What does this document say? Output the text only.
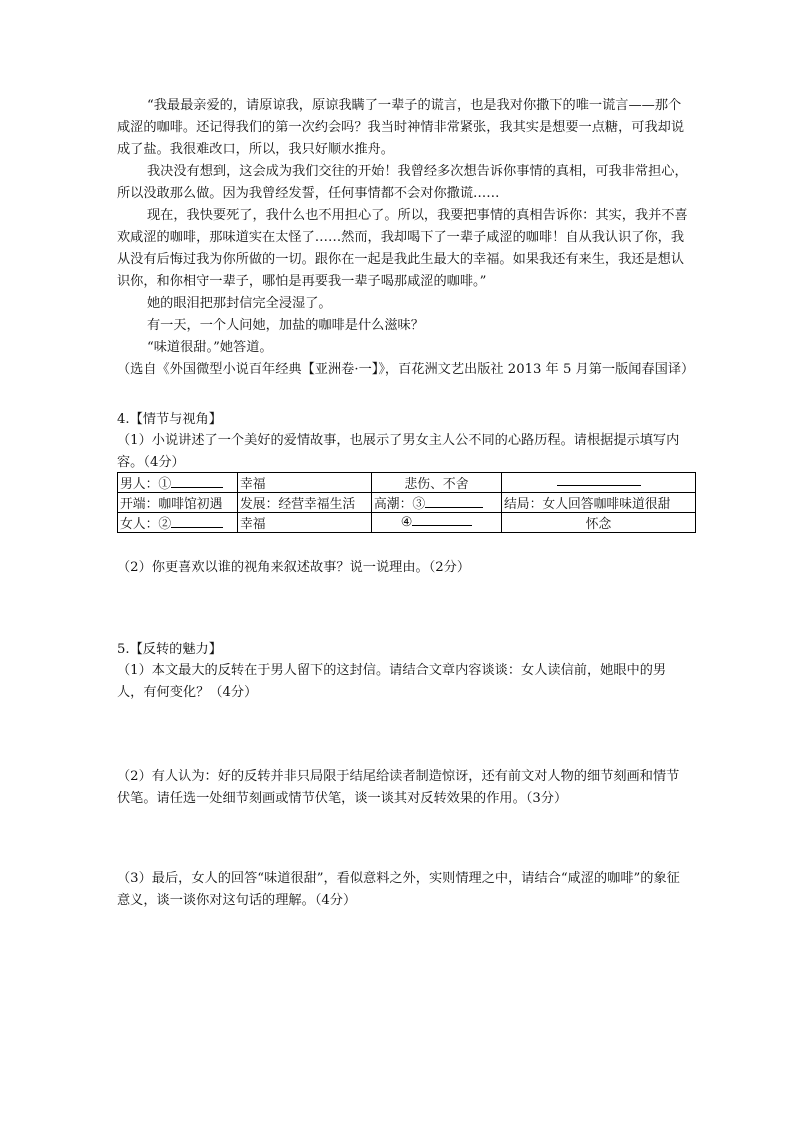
“我最最亲爱的，请原谅我，原谅我瞒了一辈子的谎言，也是我对你撒下的唯一谎言——那个咸涩的咖啡。还记得我们的第一次约会吗？我当时神情非常紧张，我其实是想要一点糖，可我却说成了盐。我很难改口，所以，我只好顺水推舟。

我决没有想到，这会成为我们交往的开始！我曾经多次想告诉你事情的真相，可我非常担心，所以没敢那么做。因为我曾经发誓，任何事情都不会对你撒谎……

现在，我快要死了，我什么也不用担心了。所以，我要把事情的真相告诉你：其实，我并不喜欢咸涩的咖啡，那味道实在太怪了……然而，我却喝下了一辈子咸涩的咖啡！自从我认识了你，我从没有后悔过我为你所做的一切。跟你在一起是我此生最大的幸福。如果我还有来生，我还是想认识你，和你相守一辈子，哪怕是再要我一辈子喝那咸涩的咖啡。”

她的眼泪把那封信完全浸湿了。

有一天，一个人问她，加盐的咖啡是什么滋味？

“味道很甜。”她答道。

（选自《外国微型小说百年经典【亚洲卷·一】》，百花洲文艺出版社 2013 年 5 月第一版闻春国译）

4.【情节与视角】

（1）小说讲述了一个美好的爱情故事，也展示了男女主人公不同的心路历程。请根据提示填写内容。（4分）

男人：①	幸福	悲伤、不舍	
开端：咖啡馆初遇	发展：经营幸福生活	高潮：③	结局：女人回答咖啡味道很甜
女人：②	幸福	④	怀念

（2）你更喜欢以谁的视角来叙述故事？说一说理由。（2分）

5.【反转的魅力】

（1）本文最大的反转在于男人留下的这封信。请结合文章内容谈谈：女人读信前，她眼中的男人，有何变化？（4分）

（2）有人认为：好的反转并非只局限于结尾给读者制造惊讶，还有前文对人物的细节刻画和情节伏笔。请任选一处细节刻画或情节伏笔，谈一谈其对反转效果的作用。（3分）

（3）最后，女人的回答“味道很甜”，看似意料之外，实则情理之中，请结合“咸涩的咖啡”的象征意义，谈一谈你对这句话的理解。（4分）
